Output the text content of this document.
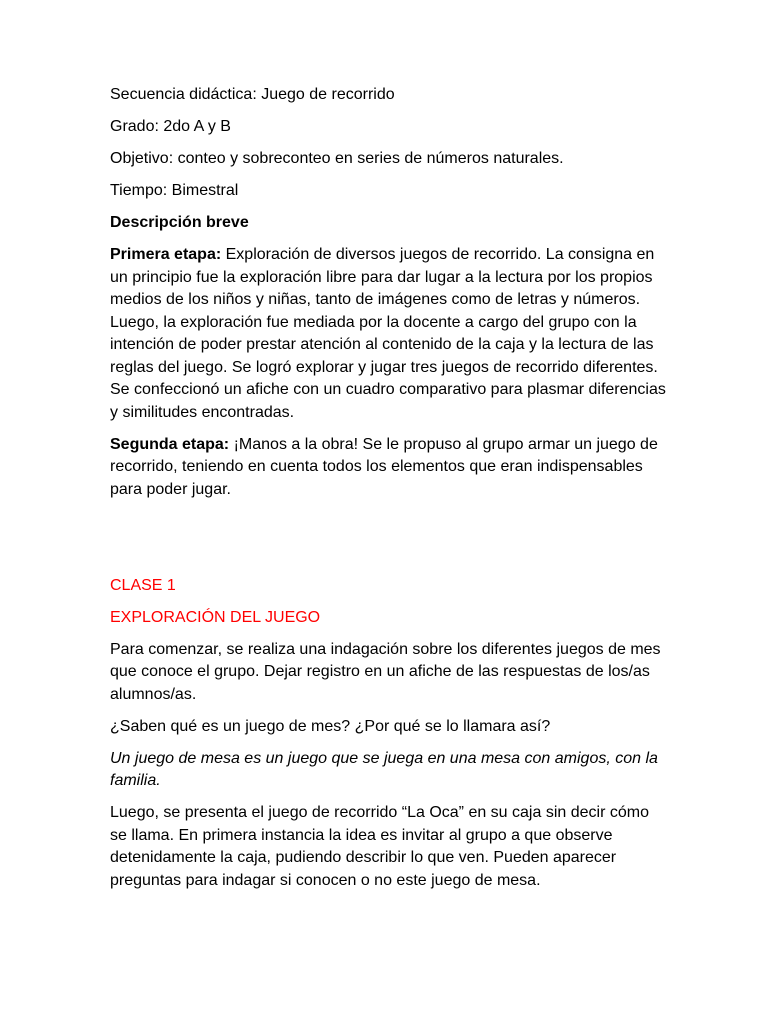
Secuencia didáctica: Juego de recorrido

Grado: 2do A y B

Objetivo: conteo y sobreconteo en series de números naturales.

Tiempo: Bimestral

Descripción breve

Primera etapa: Exploración de diversos juegos de recorrido. La consigna en un principio fue la exploración libre para dar lugar a la lectura por los propios medios de los niños y niñas, tanto de imágenes como de letras y números. Luego, la exploración fue mediada por la docente a cargo del grupo con la intención de poder prestar atención al contenido de la caja y la lectura de las reglas del juego. Se logró explorar y jugar tres juegos de recorrido diferentes. Se confeccionó un afiche con un cuadro comparativo para plasmar diferencias y similitudes encontradas.

Segunda etapa: ¡Manos a la obra! Se le propuso al grupo armar un juego de recorrido, teniendo en cuenta todos los elementos que eran indispensables para poder jugar.

CLASE 1

EXPLORACIÓN DEL JUEGO

Para comenzar, se realiza una indagación sobre los diferentes juegos de mes que conoce el grupo. Dejar registro en un afiche de las respuestas de los/as alumnos/as.

¿Saben qué es un juego de mes? ¿Por qué se lo llamara así?

Un juego de mesa es un juego que se juega en una mesa con amigos, con la familia.

Luego, se presenta el juego de recorrido “La Oca” en su caja sin decir cómo se llama. En primera instancia la idea es invitar al grupo a que observe detenidamente la caja, pudiendo describir lo que ven. Pueden aparecer preguntas para indagar si conocen o no este juego de mesa.
